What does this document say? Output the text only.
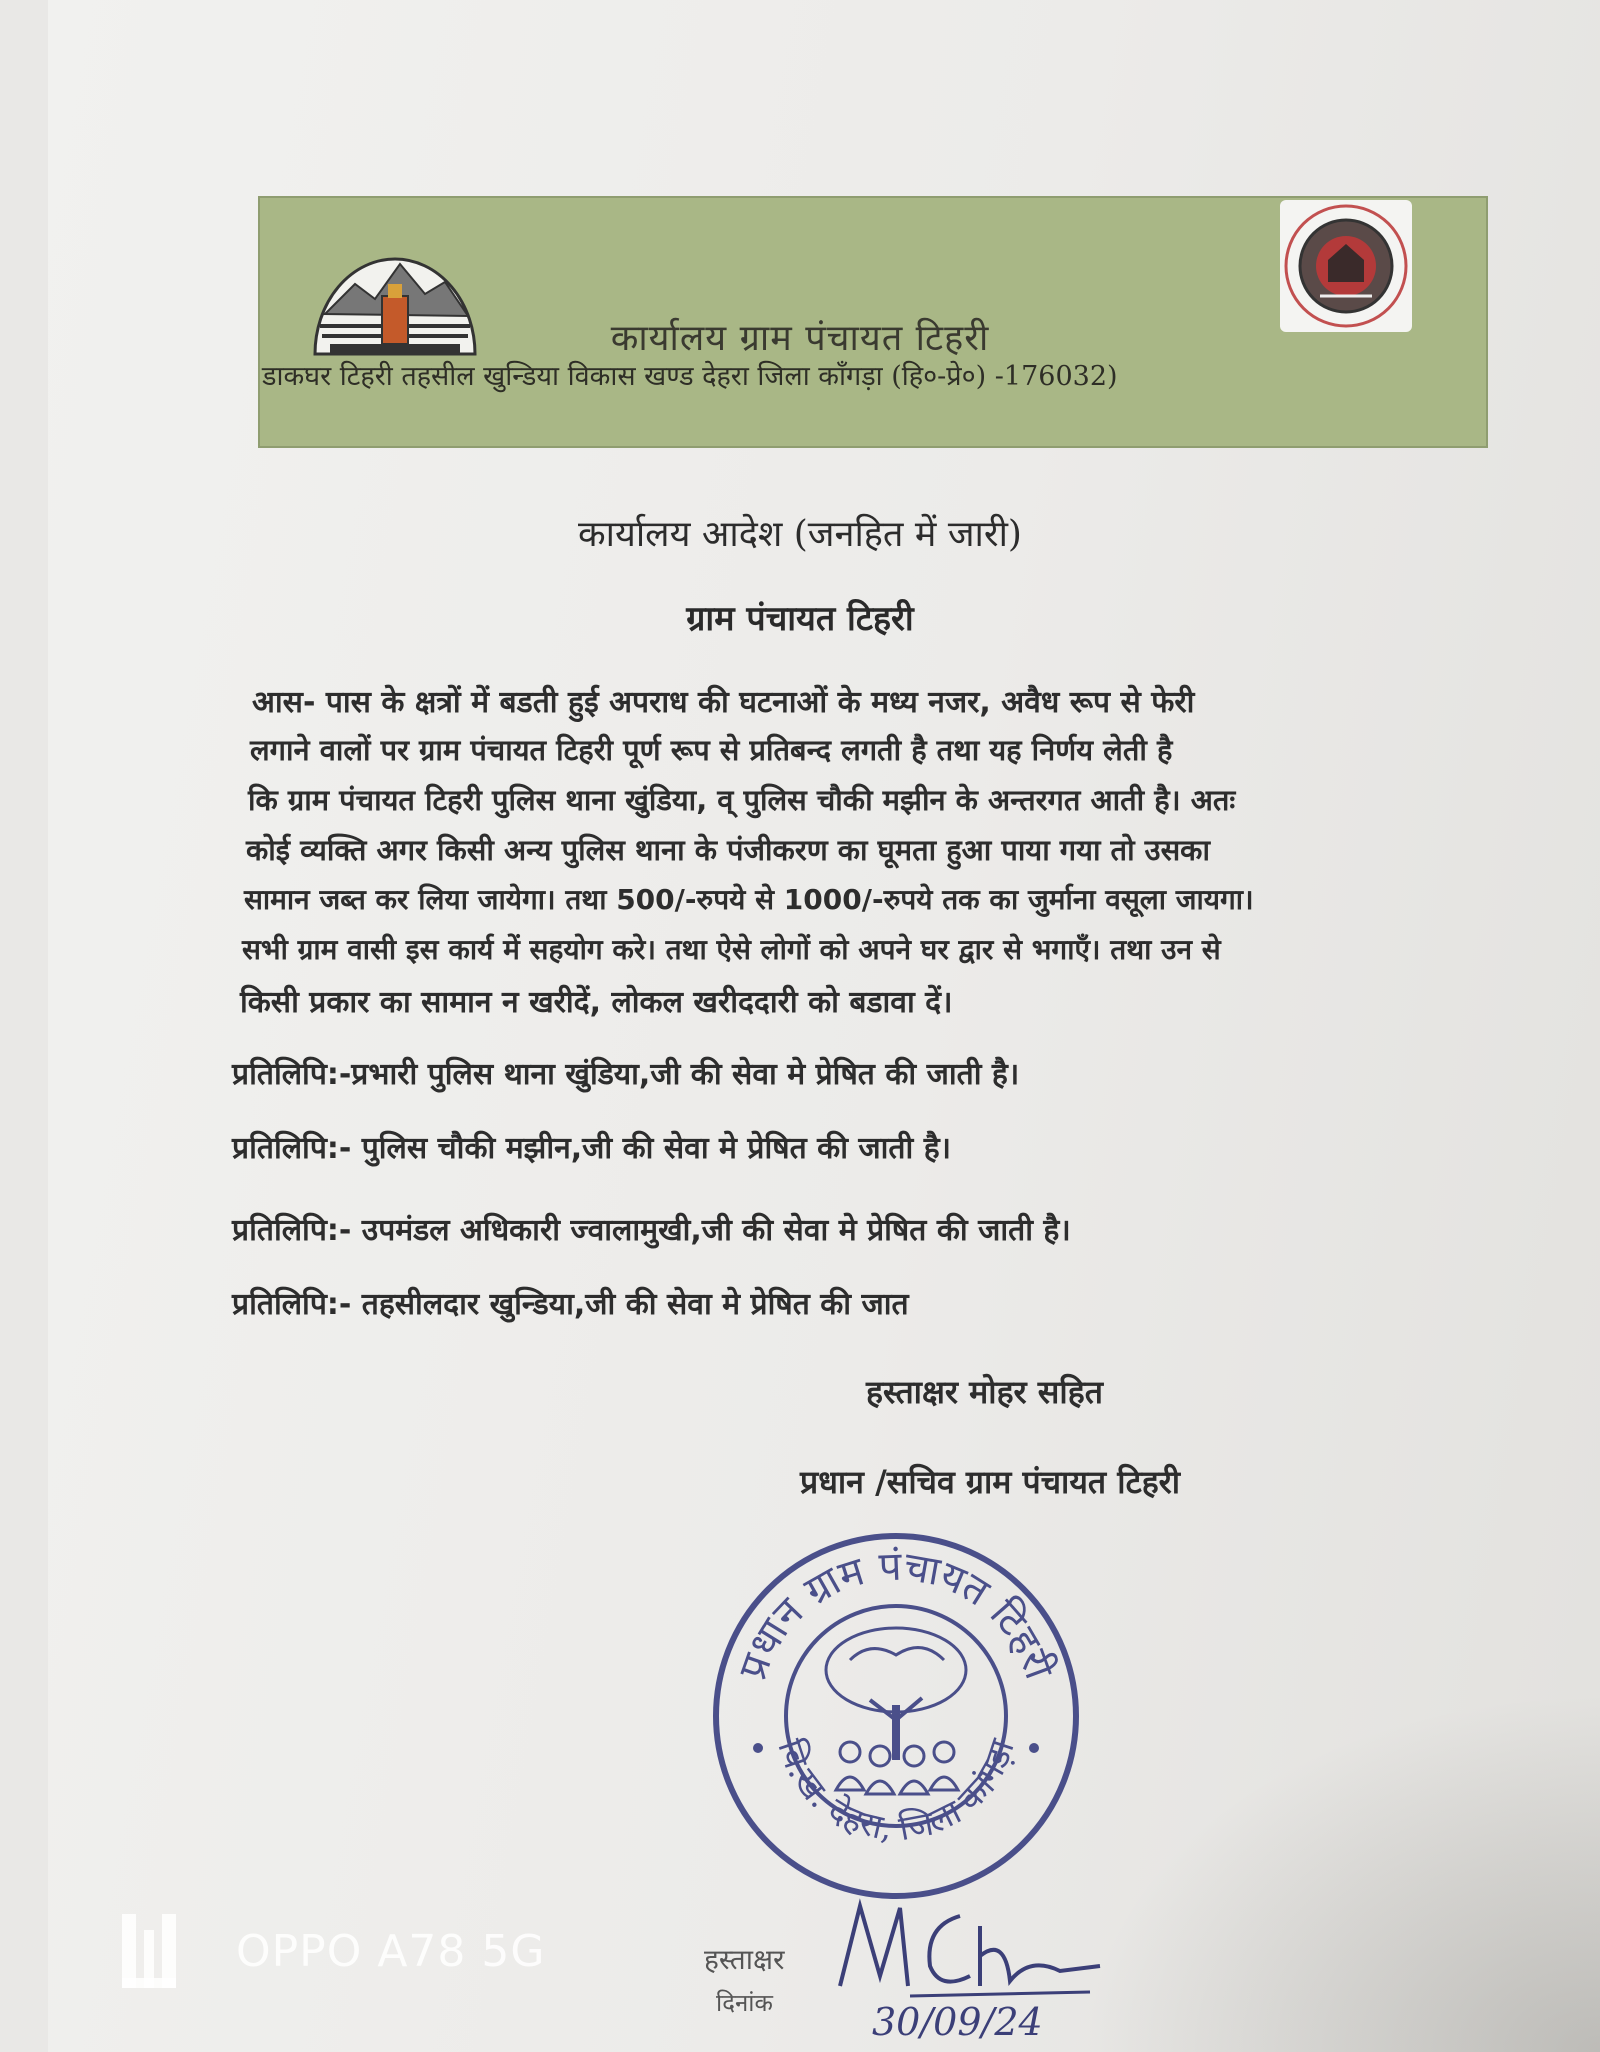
कार्यालय ग्राम पंचायत टिहरी
डाकघर टिहरी तहसील खुन्डिया विकास खण्ड देहरा जिला काँगड़ा (हि०-प्रे०) -176032)
कार्यालय आदेश (जनहित में जारी)
ग्राम पंचायत टिहरी
आस- पास के क्षत्रों में बडती हुई अपराध की घटनाओं के मध्य नजर, अवैध रूप से फेरी
लगाने वालों पर ग्राम पंचायत टिहरी पूर्ण रूप से प्रतिबन्द लगती है तथा यह निर्णय लेती है
कि ग्राम पंचायत टिहरी पुलिस थाना खुंडिया, व् पुलिस चौकी मझीन के अन्तरगत आती है। अतः
कोई व्यक्ति अगर किसी अन्य पुलिस थाना के पंजीकरण का घूमता हुआ पाया गया तो उसका
सामान जब्त कर लिया जायेगा। तथा 500/-रुपये से 1000/-रुपये तक का जुर्माना वसूला जायगा।
सभी ग्राम वासी इस कार्य में सहयोग करे। तथा ऐसे लोगों को अपने घर द्वार से भगाएँ। तथा उन से
किसी प्रकार का सामान न खरीदें, लोकल खरीददारी को बडावा दें।
प्रतिलिपि:-प्रभारी पुलिस थाना खुंडिया,जी की सेवा मे प्रेषित की जाती है।
प्रतिलिपि:- पुलिस चौकी मझीन,जी की सेवा मे प्रेषित की जाती है।
प्रतिलिपि:- उपमंडल अधिकारी ज्वालामुखी,जी की सेवा मे प्रेषित की जाती है।
प्रतिलिपि:- तहसीलदार खुन्डिया,जी की सेवा मे प्रेषित की जात
हस्ताक्षर मोहर सहित
प्रधान /सचिव ग्राम पंचायत टिहरी
प्रधान ग्राम पंचायत टिहरी
वि.ख. देहरा, जिला कांगड़ा
हस्ताक्षर
दिनांक	30/09/24
OPPO A78 5G
